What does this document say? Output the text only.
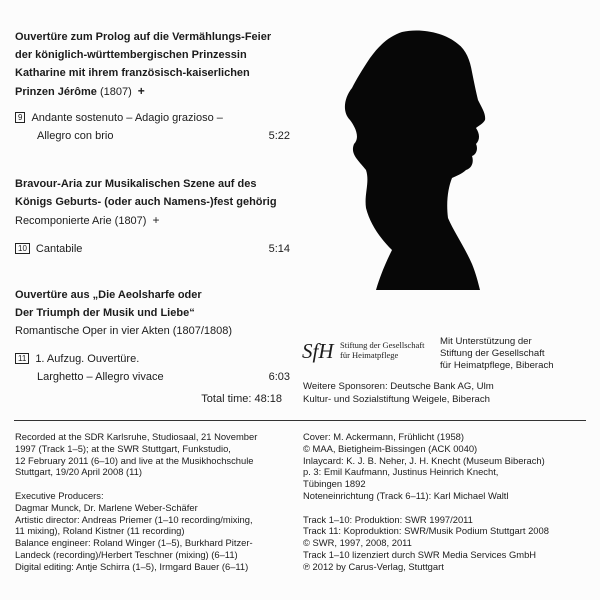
Ouvertüre zum Prolog auf die Vermählungs-Feier
der königlich-württembergischen Prinzessin
Katharine mit ihrem französisch-kaiserlichen
Prinzen Jérôme (1807) +
9 Andante sostenuto – Adagio grazioso –
Allegro con brio	5:22
Bravour-Aria zur Musikalischen Szene auf des
Königs Geburts- (oder auch Namens-)fest gehörig
Recomponierte Arie (1807) +
10 Cantabile	5:14
Ouvertüre aus „Die Aeolsharfe oder
Der Triumph der Musik und Liebe“
Romantische Oper in vier Akten (1807/1808)
11 1. Aufzug. Ouvertüre.
Larghetto – Allegro vivace	6:03
Total time: 48:18
SfH Stiftung der Gesellschaft
für Heimatpflege
Mit Unterstützung der
Stiftung der Gesellschaft
für Heimatpflege, Biberach
Weitere Sponsoren: Deutsche Bank AG, Ulm
Kultur- und Sozialstiftung Weigele, Biberach
Recorded at the SDR Karlsruhe, Studiosaal, 21 November
1997 (Track 1–5); at the SWR Stuttgart, Funkstudio,
12 February 2011 (6–10) and live at the Musikhochschule
Stuttgart, 19/20 April 2008 (11)
Executive Producers:
Dagmar Munck, Dr. Marlene Weber-Schäfer
Artistic director: Andreas Priemer (1–10 recording/mixing,
11 mixing), Roland Kistner (11 recording)
Balance engineer: Roland Winger (1–5), Burkhard Pitzer-
Landeck (recording)/Herbert Teschner (mixing) (6–11)
Digital editing: Antje Schirra (1–5), Irmgard Bauer (6–11)
Cover: M. Ackermann, Frühlicht (1958)
© MAA, Bietigheim-Bissingen (ACK 0040)
Inlaycard: K. J. B. Neher, J. H. Knecht (Museum Biberach)
p. 3: Emil Kaufmann, Justinus Heinrich Knecht,
Tübingen 1892
Noteneinrichtung (Track 6–11): Karl Michael Waltl
Track 1–10: Produktion: SWR 1997/2011
Track 11: Koproduktion: SWR/Musik Podium Stuttgart 2008
© SWR, 1997, 2008, 2011
Track 1–10 lizenziert durch SWR Media Services GmbH
℗ 2012 by Carus-Verlag, Stuttgart
